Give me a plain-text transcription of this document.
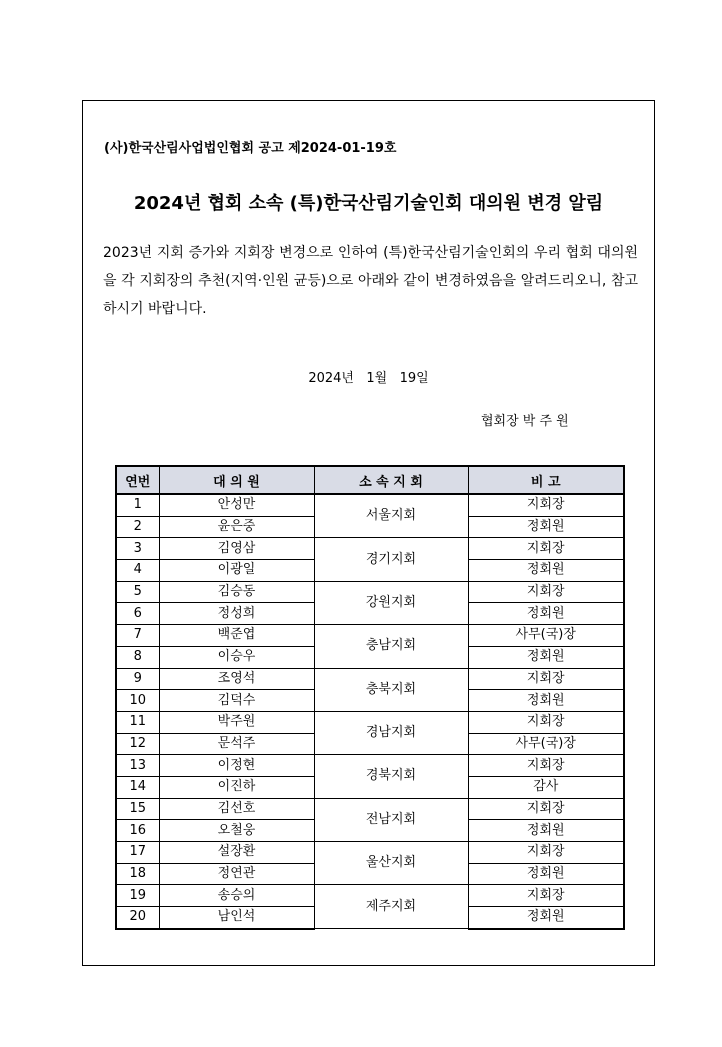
(사)한국산림사업법인협회 공고 제2024-01-19호
2024년 협회 소속 (특)한국산림기술인회 대의원 변경 알림
2023년 지회 증가와 지회장 변경으로 인하여 (특)한국산림기술인회의 우리 협회 대의원을 각 지회장의 추천(지역·인원 균등)으로 아래와 같이 변경하였음을 알려드리오니, 참고하시기 바랍니다.
2024년   1월   19일
협회장 박 주 원
연번	대 의 원	소 속 지 회	비 고
1	안성만	서울지회	지회장
2	윤은중		정회원
3	김영삼	경기지회	지회장
4	이광일		정회원
5	김승동	강원지회	지회장
6	정성희		정회원
7	백준엽	충남지회	사무(국)장
8	이승우		정회원
9	조영석	충북지회	지회장
10	김덕수		정회원
11	박주원	경남지회	지회장
12	문석주		사무(국)장
13	이정현	경북지회	지회장
14	이진하		감사
15	김선호	전남지회	지회장
16	오철웅		정회원
17	설장환	울산지회	지회장
18	정연관		정회원
19	송승의	제주지회	지회장
20	남인석		정회원
